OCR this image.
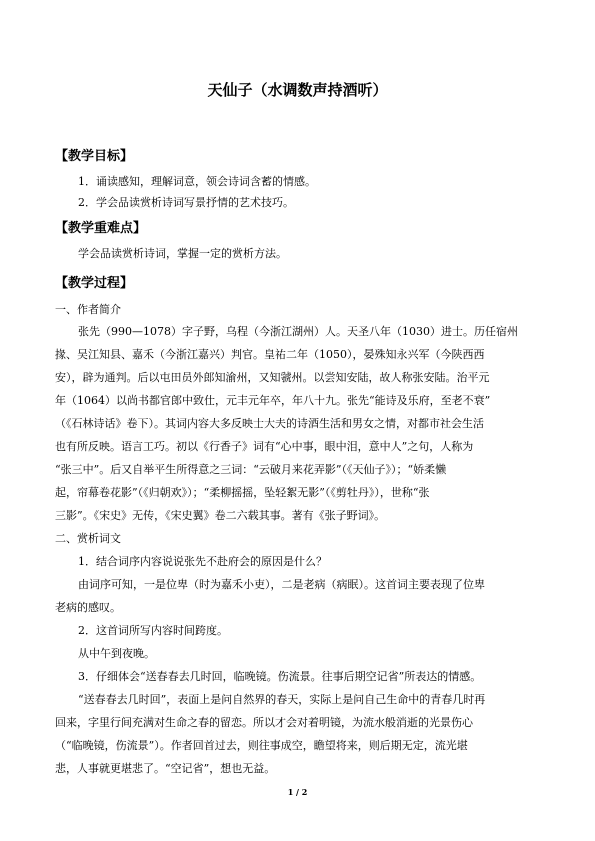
天仙子（水调数声持酒听）
【教学目标】
1．诵读感知，理解词意，领会诗词含蓄的情感。
2．学会品读赏析诗词写景抒情的艺术技巧。
【教学重难点】
学会品读赏析诗词，掌握一定的赏析方法。
【教学过程】
一、作者简介
张先（990—1078）字子野，乌程（今浙江湖州）人。天圣八年（1030）进士。历任宿州
掾、吴江知县、嘉禾（今浙江嘉兴）判官。皇祐二年（1050），晏殊知永兴军（今陕西西
安），辟为通判。后以屯田员外郎知渝州，又知虢州。以尝知安陆，故人称张安陆。治平元
年（1064）以尚书都官郎中致仕，元丰元年卒，年八十九。张先“能诗及乐府，至老不衰”
（《石林诗话》卷下）。其词内容大多反映士大夫的诗酒生活和男女之情，对都市社会生活
也有所反映。语言工巧。初以《行香子》词有“心中事，眼中泪，意中人”之句，人称为
“张三中”。后又自举平生所得意之三词：“云破月来花弄影”（《天仙子》）；“娇柔懒
起，帘幕卷花影”（《归朝欢》）；“柔柳摇摇，坠轻絮无影”（《剪牡丹》），世称“张
三影”。《宋史》无传，《宋史翼》卷二六载其事。著有《张子野词》。
二、赏析词文
1．结合词序内容说说张先不赴府会的原因是什么？
由词序可知，一是位卑（时为嘉禾小吏），二是老病（病眠）。这首词主要表现了位卑
老病的感叹。
2．这首词所写内容时间跨度。
从中午到夜晚。
3．仔细体会“送春春去几时回，临晚镜。伤流景。往事后期空记省”所表达的情感。
“送春春去几时回”，表面上是问自然界的春天，实际上是问自己生命中的青春几时再
回来，字里行间充满对生命之春的留恋。所以才会对着明镜，为流水般消逝的光景伤心
（“临晚镜，伤流景”）。作者回首过去，则往事成空，瞻望将来，则后期无定，流光堪
悲，人事就更堪悲了。“空记省”，想也无益。
1 / 2
